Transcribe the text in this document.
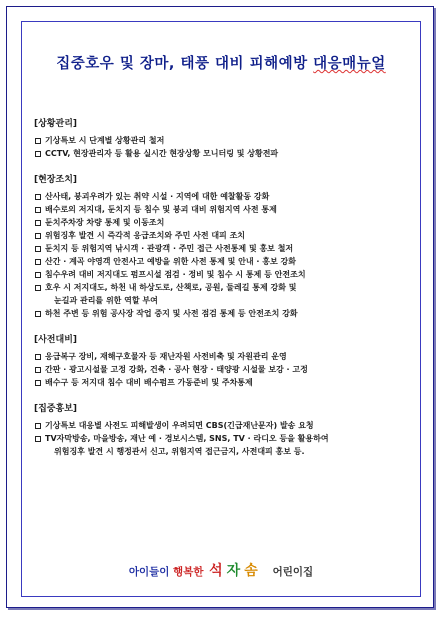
집중호우 및 장마, 태풍 대비 피해예방 대응매뉴얼
[상황관리]
기상특보 시 단계별 상황관리 철저
CCTV, 현장관리자 등 활용 실시간 현장상황 모니터링 및 상황전파
[현장조치]
산사태, 붕괴우려가 있는 취약 시설 · 지역에 대한 예찰활동 강화
배수로의 저지대, 둔치지 등 침수 및 붕괴 대비 위험지역 사전 통제
둔치주차장 차량 통제 및 이동조치
위험징후 발견 시 즉각적 응급조치와 주민 사전 대피 조치
둔치지 등 위험지역 낚시객 · 관광객 · 주민 접근 사전통제 및 홍보 철저
산간 · 계곡 야영객 안전사고 예방을 위한 사전 통제 및 안내 · 홍보 강화
침수우려 대비 저지대도 펌프시설 점검 · 정비 및 침수 시 통제 등 안전조치
호우 시 저지대도, 하천 내 하상도로, 산책로, 공원, 둘레길 통제 강화 및
눈길과 관리를 위한 역할 부여
하천 주변 등 위험 공사장 작업 중지 및 사전 점검 통제 등 안전조치 강화
[사전대비]
응급복구 장비, 재해구호물자 등 재난자원 사전비축 및 자원관리 운영
간판 · 광고시설물 고정 강화, 건축 · 공사 현장 · 태양광 시설물 보강 · 고정
배수구 등 저지대 침수 대비 배수펌프 가동준비 및 주차통제
[집중홍보]
기상특보 대응별 사전도 피해발생이 우려되면 CBS(긴급재난문자) 발송 요청
TV자막방송, 마을방송, 재난 예 · 경보시스템, SNS, TV · 라디오 등을 활용하여
위험징후 발견 시 행정관서 신고, 위험지역 접근금지, 사전대피 홍보 등.
아이들이 행복한 석자솜 어린이집
